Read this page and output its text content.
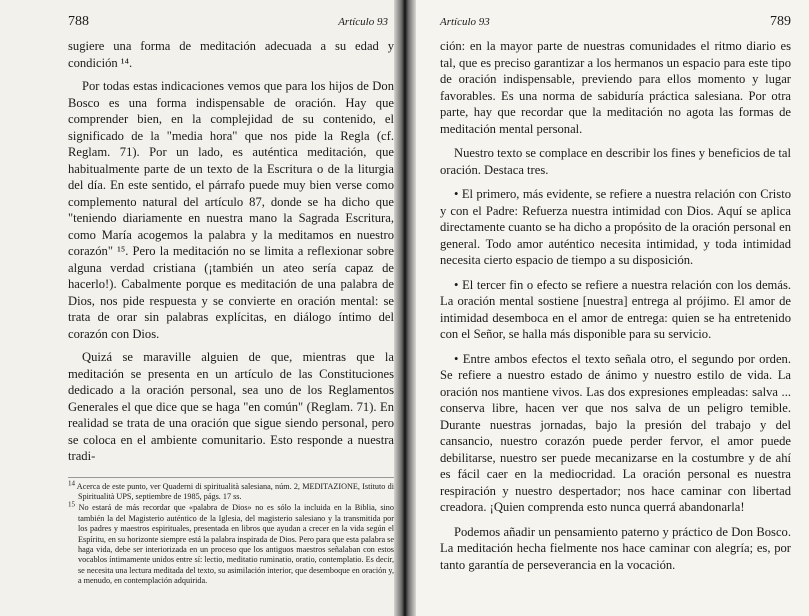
788	Artículo 93

sugiere una forma de meditación adecuada a su edad y condición ¹⁴.

Por todas estas indicaciones vemos que para los hijos de Don Bosco es una forma indispensable de oración. Hay que comprender bien, en la complejidad de su contenido, el significado de la "media hora" que nos pide la Regla (cf. Reglam. 71). Por un lado, es auténtica meditación, que habitualmente parte de un texto de la Escritura o de la liturgia del día. En este sentido, el párrafo puede muy bien verse como complemento natural del artículo 87, donde se ha dicho que "teniendo diariamente en nuestra mano la Sagrada Escritura, como María acogemos la palabra y la meditamos en nuestro corazón" ¹⁵. Pero la meditación no se limita a reflexionar sobre alguna verdad cristiana (¡también un ateo sería capaz de hacerlo!). Cabalmente porque es meditación de una palabra de Dios, nos pide respuesta y se convierte en oración mental: se trata de orar sin palabras explícitas, en diálogo íntimo del corazón con Dios.

Quizá se maraville alguien de que, mientras que la meditación se presenta en un artículo de las Constituciones dedicado a la oración personal, sea uno de los Reglamentos Generales el que dice que se haga "en común" (Reglam. 71). En realidad se trata de una oración que sigue siendo personal, pero se coloca en el ambiente comunitario. Esto responde a nuestra tradi-

14 Acerca de este punto, ver Quaderni di spiritualità salesiana, núm. 2, MEDITAZIONE, Istituto di Spiritualità UPS, septiembre de 1985, págs. 17 ss.

15 No estará de más recordar que «palabra de Dios» no es sólo la incluida en la Biblia, sino también la del Magisterio auténtico de la Iglesia, del magisterio salesiano y la transmitida por los padres y maestros espirituales, presentada en libros que ayudan a crecer en la vida según el Espíritu, en su horizonte siempre está la palabra inspirada de Dios. Pero para que esta palabra se haga vida, debe ser interiorizada en un proceso que los antiguos maestros señalaban con estos vocablos íntimamente unidos entre sí: lectio, meditatio ruminatio, oratio, contemplatio. Es decir, se necesita una lectura meditada del texto, su asimilación interior, que desemboque en oración y, a menudo, en contemplación adquirida.

Artículo 93	789

ción: en la mayor parte de nuestras comunidades el ritmo diario es tal, que es preciso garantizar a los hermanos un espacio para este tipo de oración indispensable, previendo para ellos momento y lugar favorables. Es una norma de sabiduría práctica salesiana. Por otra parte, hay que recordar que la meditación no agota las formas de meditación mental personal.

Nuestro texto se complace en describir los fines y beneficios de tal oración. Destaca tres.

• El primero, más evidente, se refiere a nuestra relación con Cristo y con el Padre: Refuerza nuestra intimidad con Dios. Aquí se aplica directamente cuanto se ha dicho a propósito de la oración personal en general. Todo amor auténtico necesita intimidad, y toda intimidad necesita cierto espacio de tiempo a su disposición.

• El tercer fin o efecto se refiere a nuestra relación con los demás. La oración mental sostiene [nuestra] entrega al prójimo. El amor de intimidad desemboca en el amor de entrega: quien se ha entretenido con el Señor, se halla más disponible para su servicio.

• Entre ambos efectos el texto señala otro, el segundo por orden. Se refiere a nuestro estado de ánimo y nuestro estilo de vida. La oración nos mantiene vivos. Las dos expresiones empleadas: salva ... conserva libre, hacen ver que nos salva de un peligro temible. Durante nuestras jornadas, bajo la presión del trabajo y del cansancio, nuestro corazón puede perder fervor, el amor puede debilitarse, nuestro ser puede mecanizarse en la costumbre y de ahí es fácil caer en la mediocridad. La oración personal es nuestra respiración y nuestro despertador; nos hace caminar con libertad creadora. ¡Quien comprenda esto nunca querrá abandonarla!

Podemos añadir un pensamiento paterno y práctico de Don Bosco. La meditación hecha fielmente nos hace caminar con alegría; es, por tanto garantía de perseverancia en la vocación.
